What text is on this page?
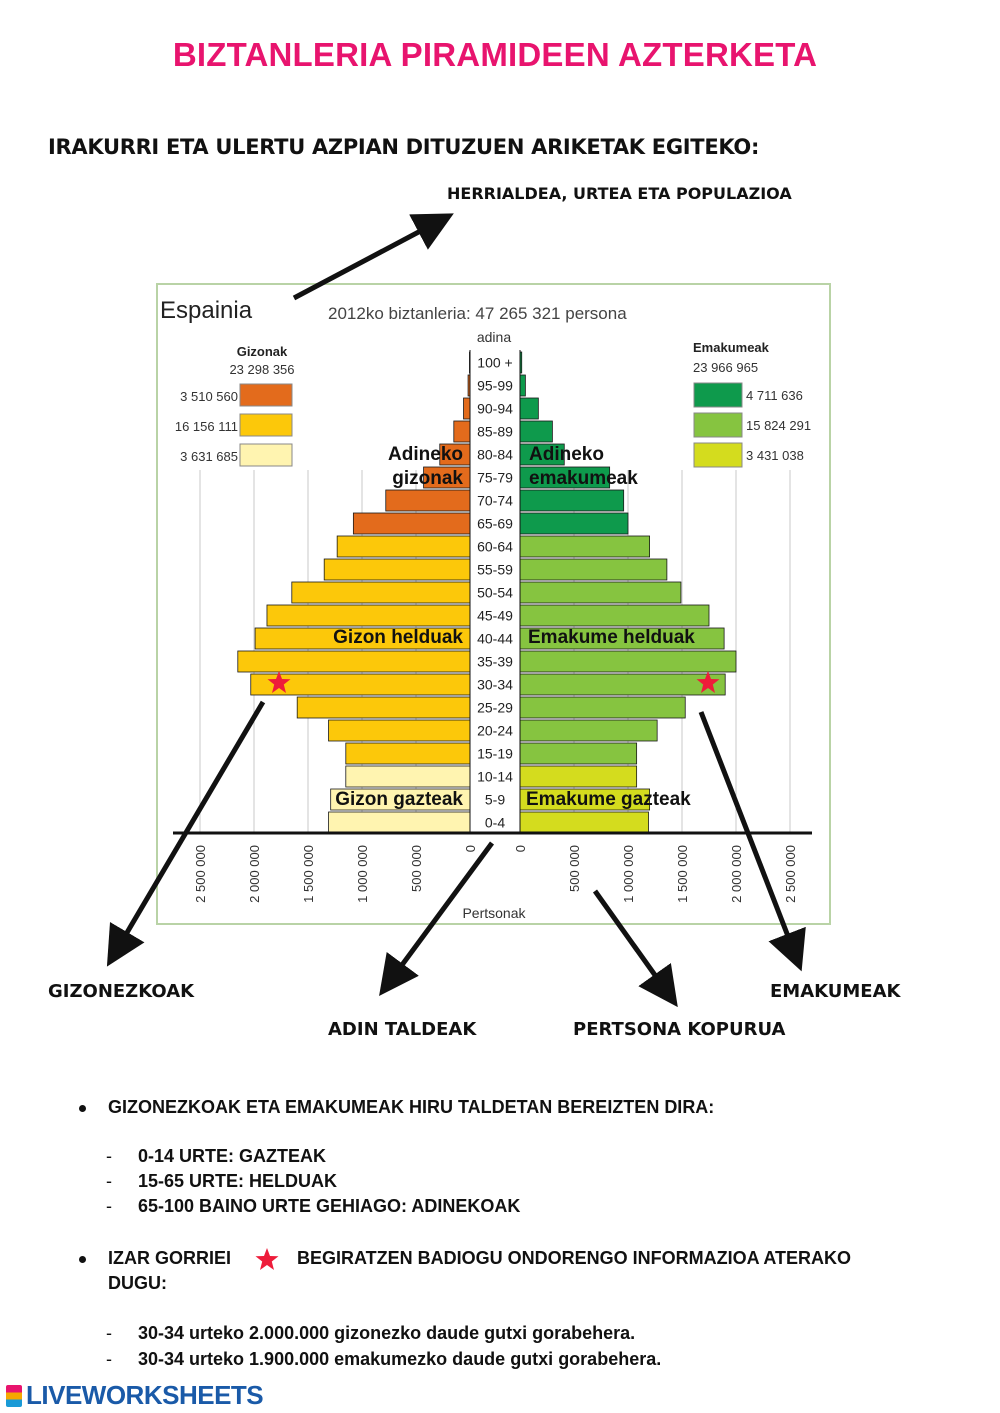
BIZTANLERIA PIRAMIDEEN AZTERKETA
IRAKURRI ETA ULERTU AZPIAN DITUZUEN ARIKETAK EGITEKO:
HERRIALDEA, URTEA ETA POPULAZIOA
Espainia	2012ko biztanleria: 47 265 321 persona
adina
Pertsonak
100 +
95-99
90-94
85-89
80-84
75-79
70-74
65-69
60-64
55-59
50-54
45-49
40-44
35-39
30-34
25-29
20-24
15-19
10-14
5-9
0-4
2 500 000	2 500 000
2 000 000	2 000 000
1 500 000	1 500 000
1 000 000	1 000 000
500 000	500 000
0	0
Gizonak
23 298 356
3 510 560
16 156 111
3 631 685
Emakumeak
23 966 965
4 711 636
15 824 291
3 431 038
Adineko
gizonak
Adineko
emakumeak
Gizon helduak	Emakume helduak
Gizon gazteak	Emakume gazteak
GIZONEZKOAK	EMAKUMEAK
ADIN TALDEAK	PERTSONA KOPURUA
GIZONEZKOAK ETA EMAKUMEAK HIRU TALDETAN BEREIZTEN DIRA:
- 0-14 URTE: GAZTEAK
- 15-65 URTE: HELDUAK
- 65-100 BAINO URTE GEHIAGO: ADINEKOAK
IZAR GORRIEI	BEGIRATZEN BADIOGU ONDORENGO INFORMAZIOA ATERAKO
DUGU:
- 30-34 urteko 2.000.000 gizonezko daude gutxi gorabehera.
- 30-34 urteko 1.900.000 emakumezko daude gutxi gorabehera.
LIVEWORKSHEETS
